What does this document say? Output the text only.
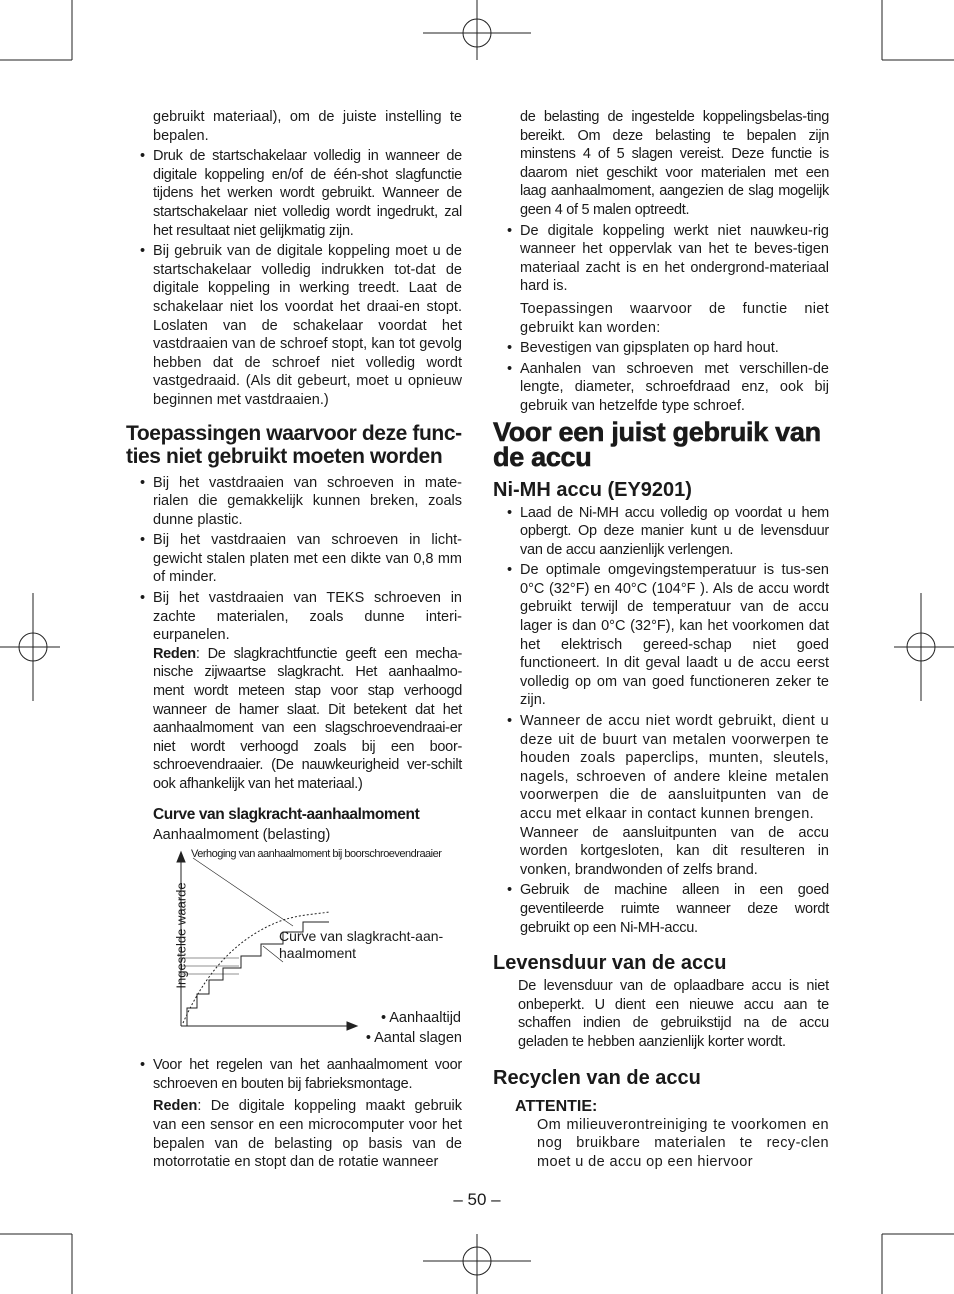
gebruikt materiaal), om de juiste instelling te bepalen.

• Druk de startschakelaar volledig in wanneer de digitale koppeling en/of de één-shot slagfunctie tijdens het werken wordt gebruikt. Wanneer de startschakelaar niet volledig wordt ingedrukt, zal het resultaat niet gelijkmatig zijn.
• Bij gebruik van de digitale koppeling moet u de startschakelaar volledig indrukken tot-dat de digitale koppeling in werking treedt. Laat de schakelaar niet los voordat het draai-en stopt. Loslaten van de schakelaar voordat het vastdraaien van de schroef stopt, kan tot gevolg hebben dat de schroef niet volledig wordt vastgedraaid. (Als dit gebeurt, moet u opnieuw beginnen met vastdraaien.)
Toepassingen waarvoor deze func-ties niet gebruikt moeten worden
• Bij het vastdraaien van schroeven in mate-rialen die gemakkelijk kunnen breken, zoals dunne plastic.
• Bij het vastdraaien van schroeven in licht-gewicht stalen platen met een dikte van 0,8 mm of minder.
• Bij het vastdraaien van TEKS schroeven in zachte materialen, zoals dunne interi-eurpanelen.

Reden: De slagkrachtfunctie geeft een mecha-nische zijwaartse slagkracht. Het aanhaalmo-ment wordt meteen stap voor stap verhoogd wanneer de hamer slaat. Dit betekent dat het aanhaalmoment van een slagschroevendraai-er niet wordt verhoogd zoals bij een boor-schroevendraaier. (De nauwkeurigheid ver-schilt ook afhankelijk van het materiaal.)

Curve van slagkracht-aanhaalmoment

Aanhaalmoment (belasting)

Verhoging van aanhaalmoment bij boorschroevendraaier
Ingestelde waarde	Curve van slagkracht-aan-haalmoment
• Aanhaaltijd

• Aantal slagen

• Voor het regelen van het aanhaalmoment voor schroeven en bouten bij fabrieksmontage.

Reden: De digitale koppeling maakt gebruik van een sensor en een microcomputer voor het bepalen van de belasting op basis van de motorrotatie en stopt dan de rotatie wanneer

de belasting de ingestelde koppelingsbelas-ting bereikt. Om deze belasting te bepalen zijn minstens 4 of 5 slagen vereist. Deze functie is daarom niet geschikt voor materialen met een laag aanhaalmoment, aangezien de slag mogelijk geen 4 of 5 malen optreedt.

• De digitale koppeling werkt niet nauwkeu-rig wanneer het oppervlak van het te beves-tigen materiaal zacht is en het ondergrond-materiaal hard is.

Toepassingen waarvoor de functie niet gebruikt kan worden:

• Bevestigen van gipsplaten op hard hout.
• Aanhalen van schroeven met verschillen-de lengte, diameter, schroefdraad enz, ook bij gebruik van hetzelfde type schroef.
Voor een juist gebruik van de accu
Ni-MH accu (EY9201)
• Laad de Ni-MH accu volledig op voordat u hem opbergt. Op deze manier kunt u de levensduur van de accu aanzienlijk verlengen.
• De optimale omgevingstemperatuur is tus-sen 0°C (32°F) en 40°C (104°F ). Als de accu wordt gebruikt terwijl de temperatuur van de accu lager is dan 0°C (32°F), kan het voorkomen dat het elektrisch gereed-schap niet goed functioneert. In dit geval laadt u de accu eerst volledig op om van goed functioneren zeker te zijn.
• Wanneer de accu niet wordt gebruikt, dient u deze uit de buurt van metalen voorwerpen te houden zoals paperclips, munten, sleutels, nagels, schroeven of andere kleine metalen voorwerpen die de aansluitpunten van de accu met elkaar in contact kunnen brengen.

Wanneer de aansluitpunten van de accu worden kortgesloten, kan dit resulteren in vonken, brandwonden of zelfs brand.

• Gebruik de machine alleen in een goed geventileerde ruimte wanneer deze wordt gebruikt op een Ni-MH-accu.
Levensduur van de accu

De levensduur van de oplaadbare accu is niet onbeperkt. U dient een nieuwe accu aan te schaffen indien de gebruikstijd na de accu geladen te hebben aanzienlijk korter wordt.

Recyclen van de accu
ATTENTIE:

Om milieuverontreiniging te voorkomen en nog bruikbare materialen te recy-clen moet u de accu op een hiervoor

– 50 –
